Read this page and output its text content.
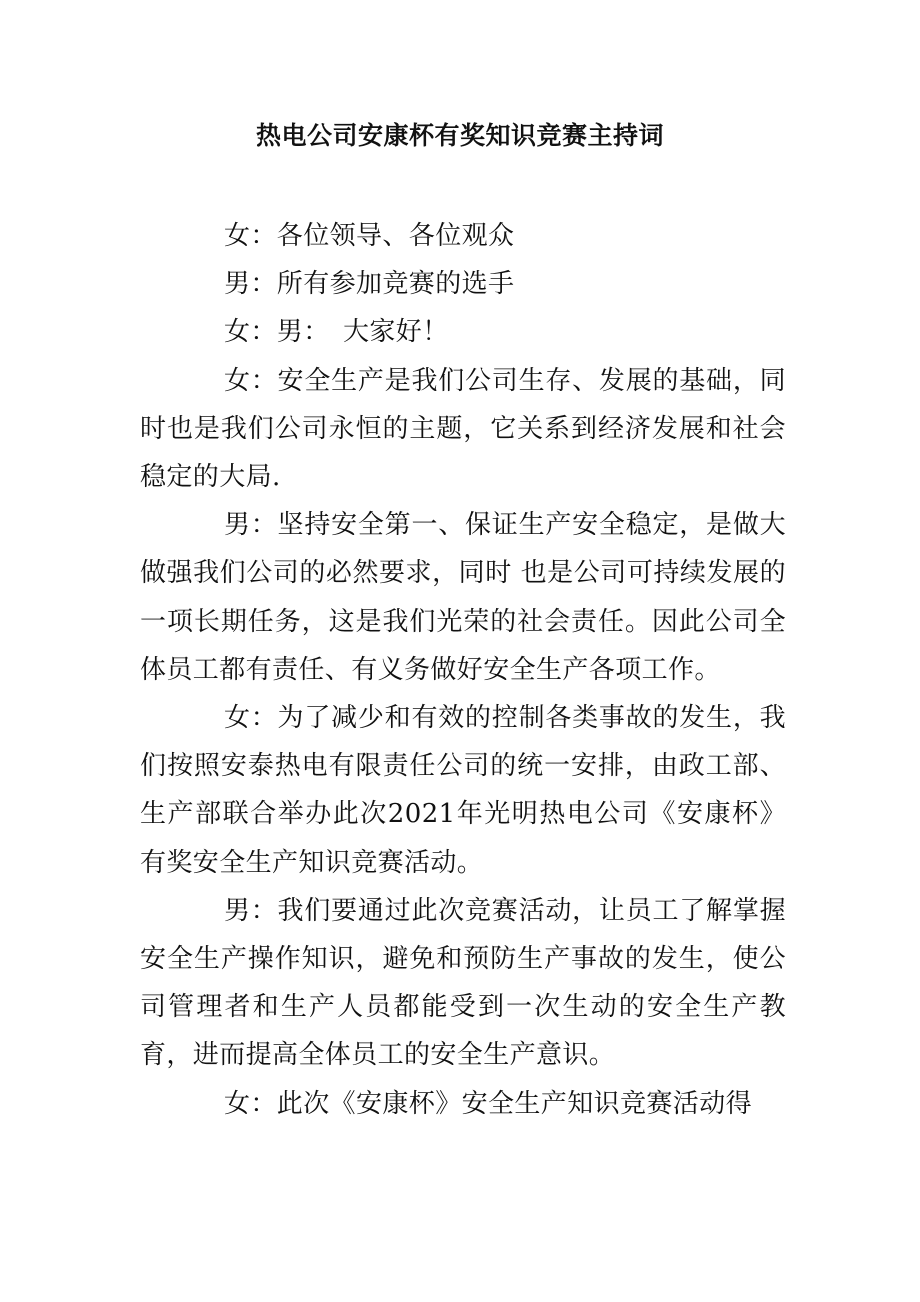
热电公司安康杯有奖知识竞赛主持词

女：各位领导、各位观众

男：所有参加竞赛的选手

女：男：　大家好！

女：安全生产是我们公司生存、发展的基础，同时也是我们公司永恒的主题，它关系到经济发展和社会稳定的大局.

男：坚持安全第一、保证生产安全稳定，是做大做强我们公司的必然要求，同时 也是公司可持续发展的一项长期任务，这是我们光荣的社会责任。因此公司全体员工都有责任、有义务做好安全生产各项工作。

女：为了减少和有效的控制各类事故的发生，我们按照安泰热电有限责任公司的统一安排，由政工部、生产部联合举办此次2021年光明热电公司《安康杯》有奖安全生产知识竞赛活动。

男：我们要通过此次竞赛活动，让员工了解掌握安全生产操作知识，避免和预防生产事故的发生，使公司管理者和生产人员都能受到一次生动的安全生产教育，进而提高全体员工的安全生产意识。

女：此次《安康杯》安全生产知识竞赛活动得
